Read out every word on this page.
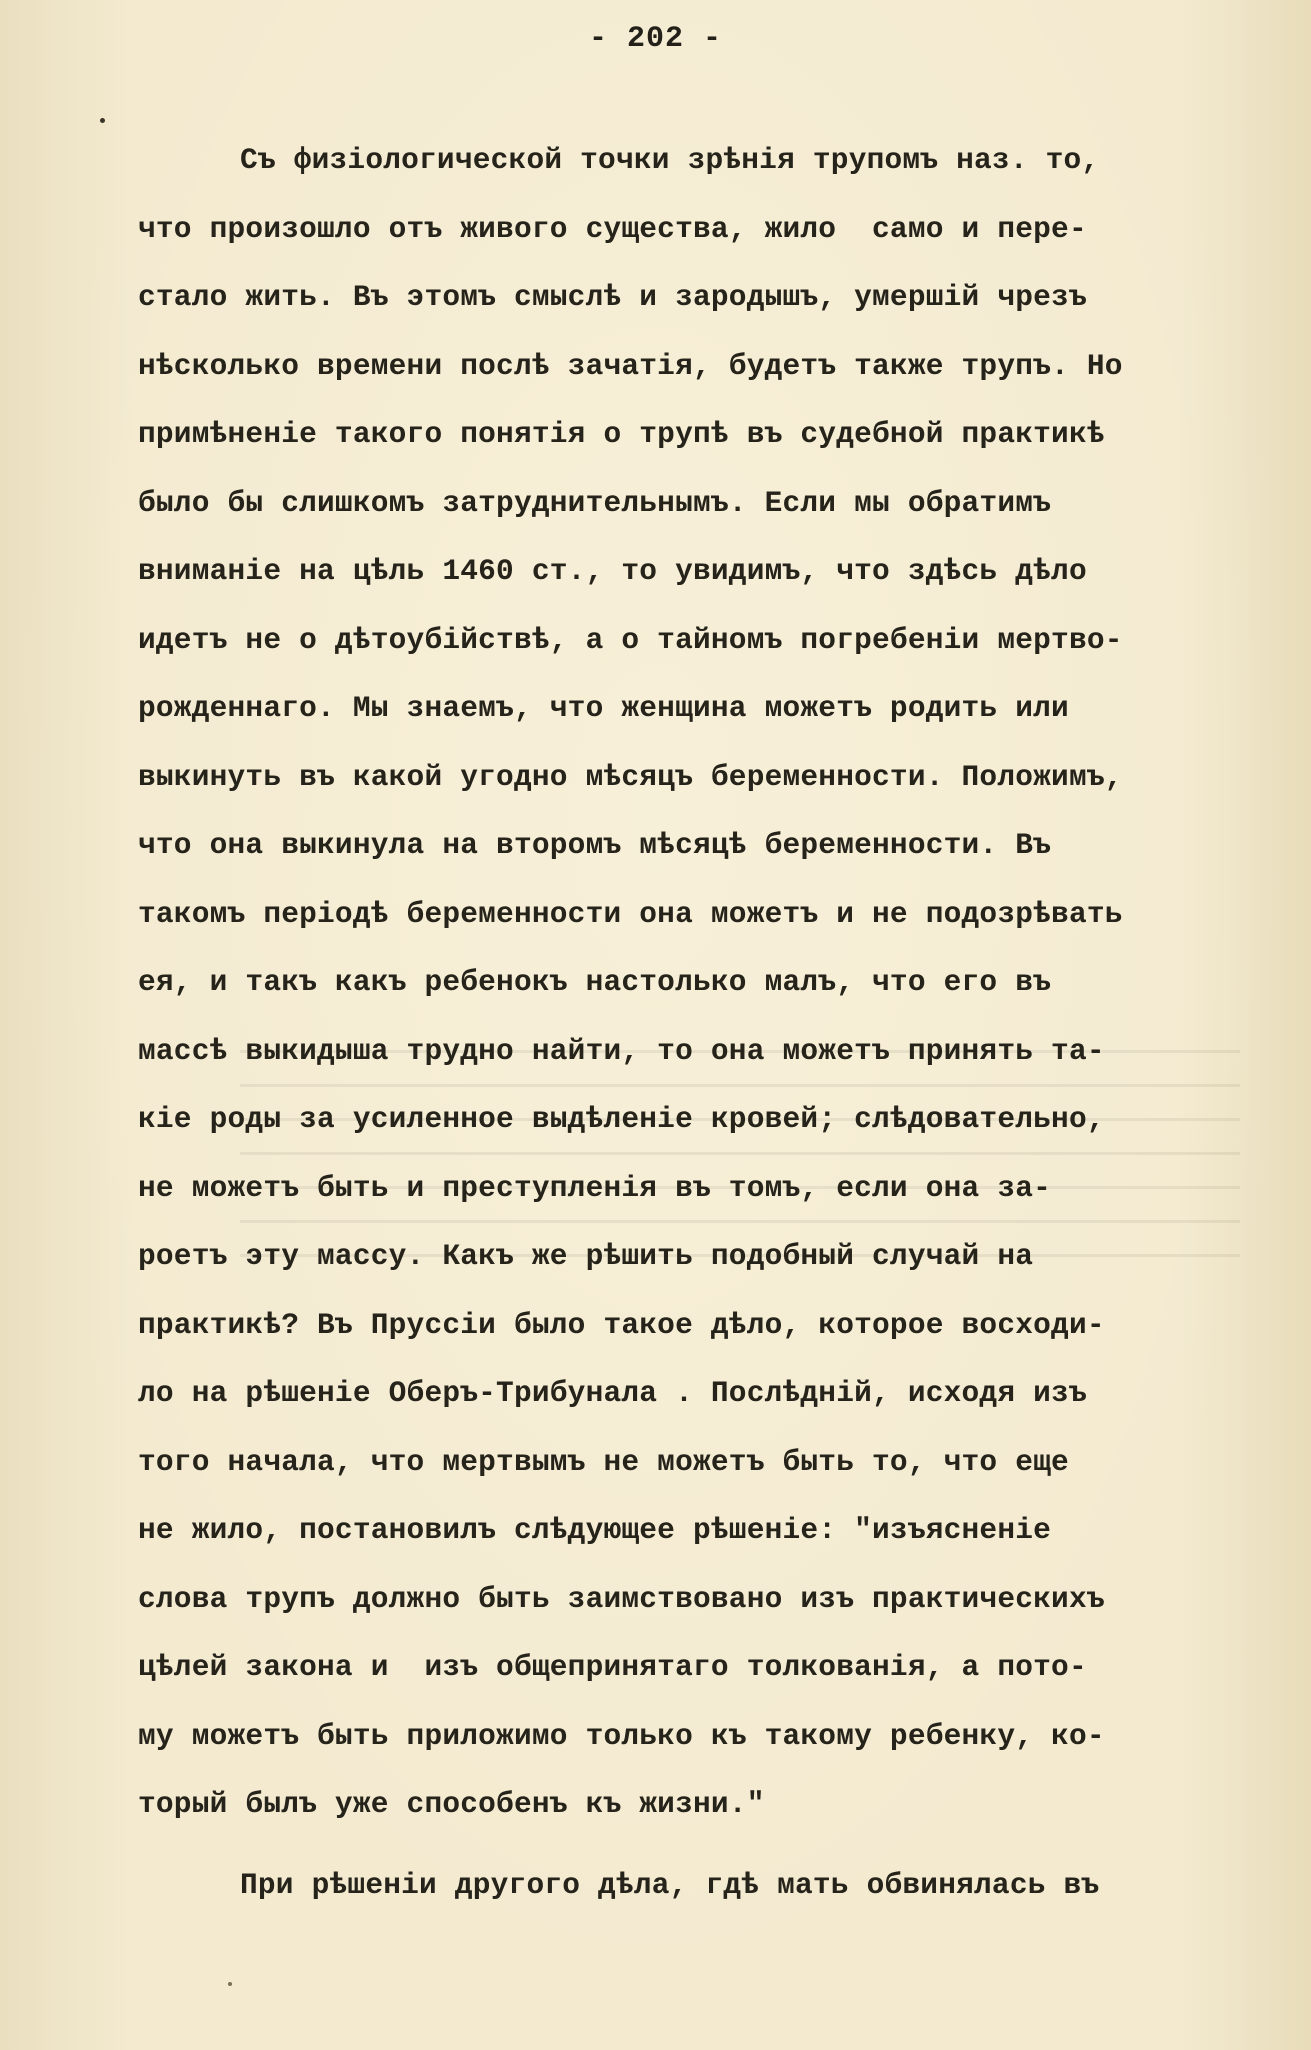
- 202 -
Съ физіологической точки зрѣнія трупомъ наз. то,
что произошло отъ живого существа, жило  само и пере-
стало жить. Въ этомъ смыслѣ и зародышъ, умершій чрезъ
нѣсколько времени послѣ зачатія, будетъ также трупъ. Но
примѣненіе такого понятія о трупѣ въ судебной практикѣ
было бы слишкомъ затруднительнымъ. Если мы обратимъ
вниманіе на цѣль 1460 ст., то увидимъ, что здѣсь дѣло
идетъ не о дѣтоубійствѣ, а о тайномъ погребеніи мертво-
рожденнаго. Мы знаемъ, что женщина можетъ родить или
выкинуть въ какой угодно мѣсяцъ беременности. Положимъ,
что она выкинула на второмъ мѣсяцѣ беременности. Въ
такомъ періодѣ беременности она можетъ и не подозрѣвать
ея, и такъ какъ ребенокъ настолько малъ, что его въ
массѣ выкидыша трудно найти, то она можетъ принять та-
кіе роды за усиленное выдѣленіе кровей; слѣдовательно,
не можетъ быть и преступленія въ томъ, если она за-
роетъ эту массу. Какъ же рѣшить подобный случай на
практикѣ? Въ Пруссіи было такое дѣло, которое восходи-
ло на рѣшеніе Оберъ-Трибунала . Послѣдній, исходя изъ
того начала, что мертвымъ не можетъ быть то, что еще
не жило, постановилъ слѣдующее рѣшеніе: "изъясненіе
слова трупъ должно быть заимствовано изъ практическихъ
цѣлей закона и  изъ общепринятаго толкованія, а пото-
му можетъ быть приложимо только къ такому ребенку, ко-
торый былъ уже способенъ къ жизни."
При рѣшеніи другого дѣла, гдѣ мать обвинялась въ
